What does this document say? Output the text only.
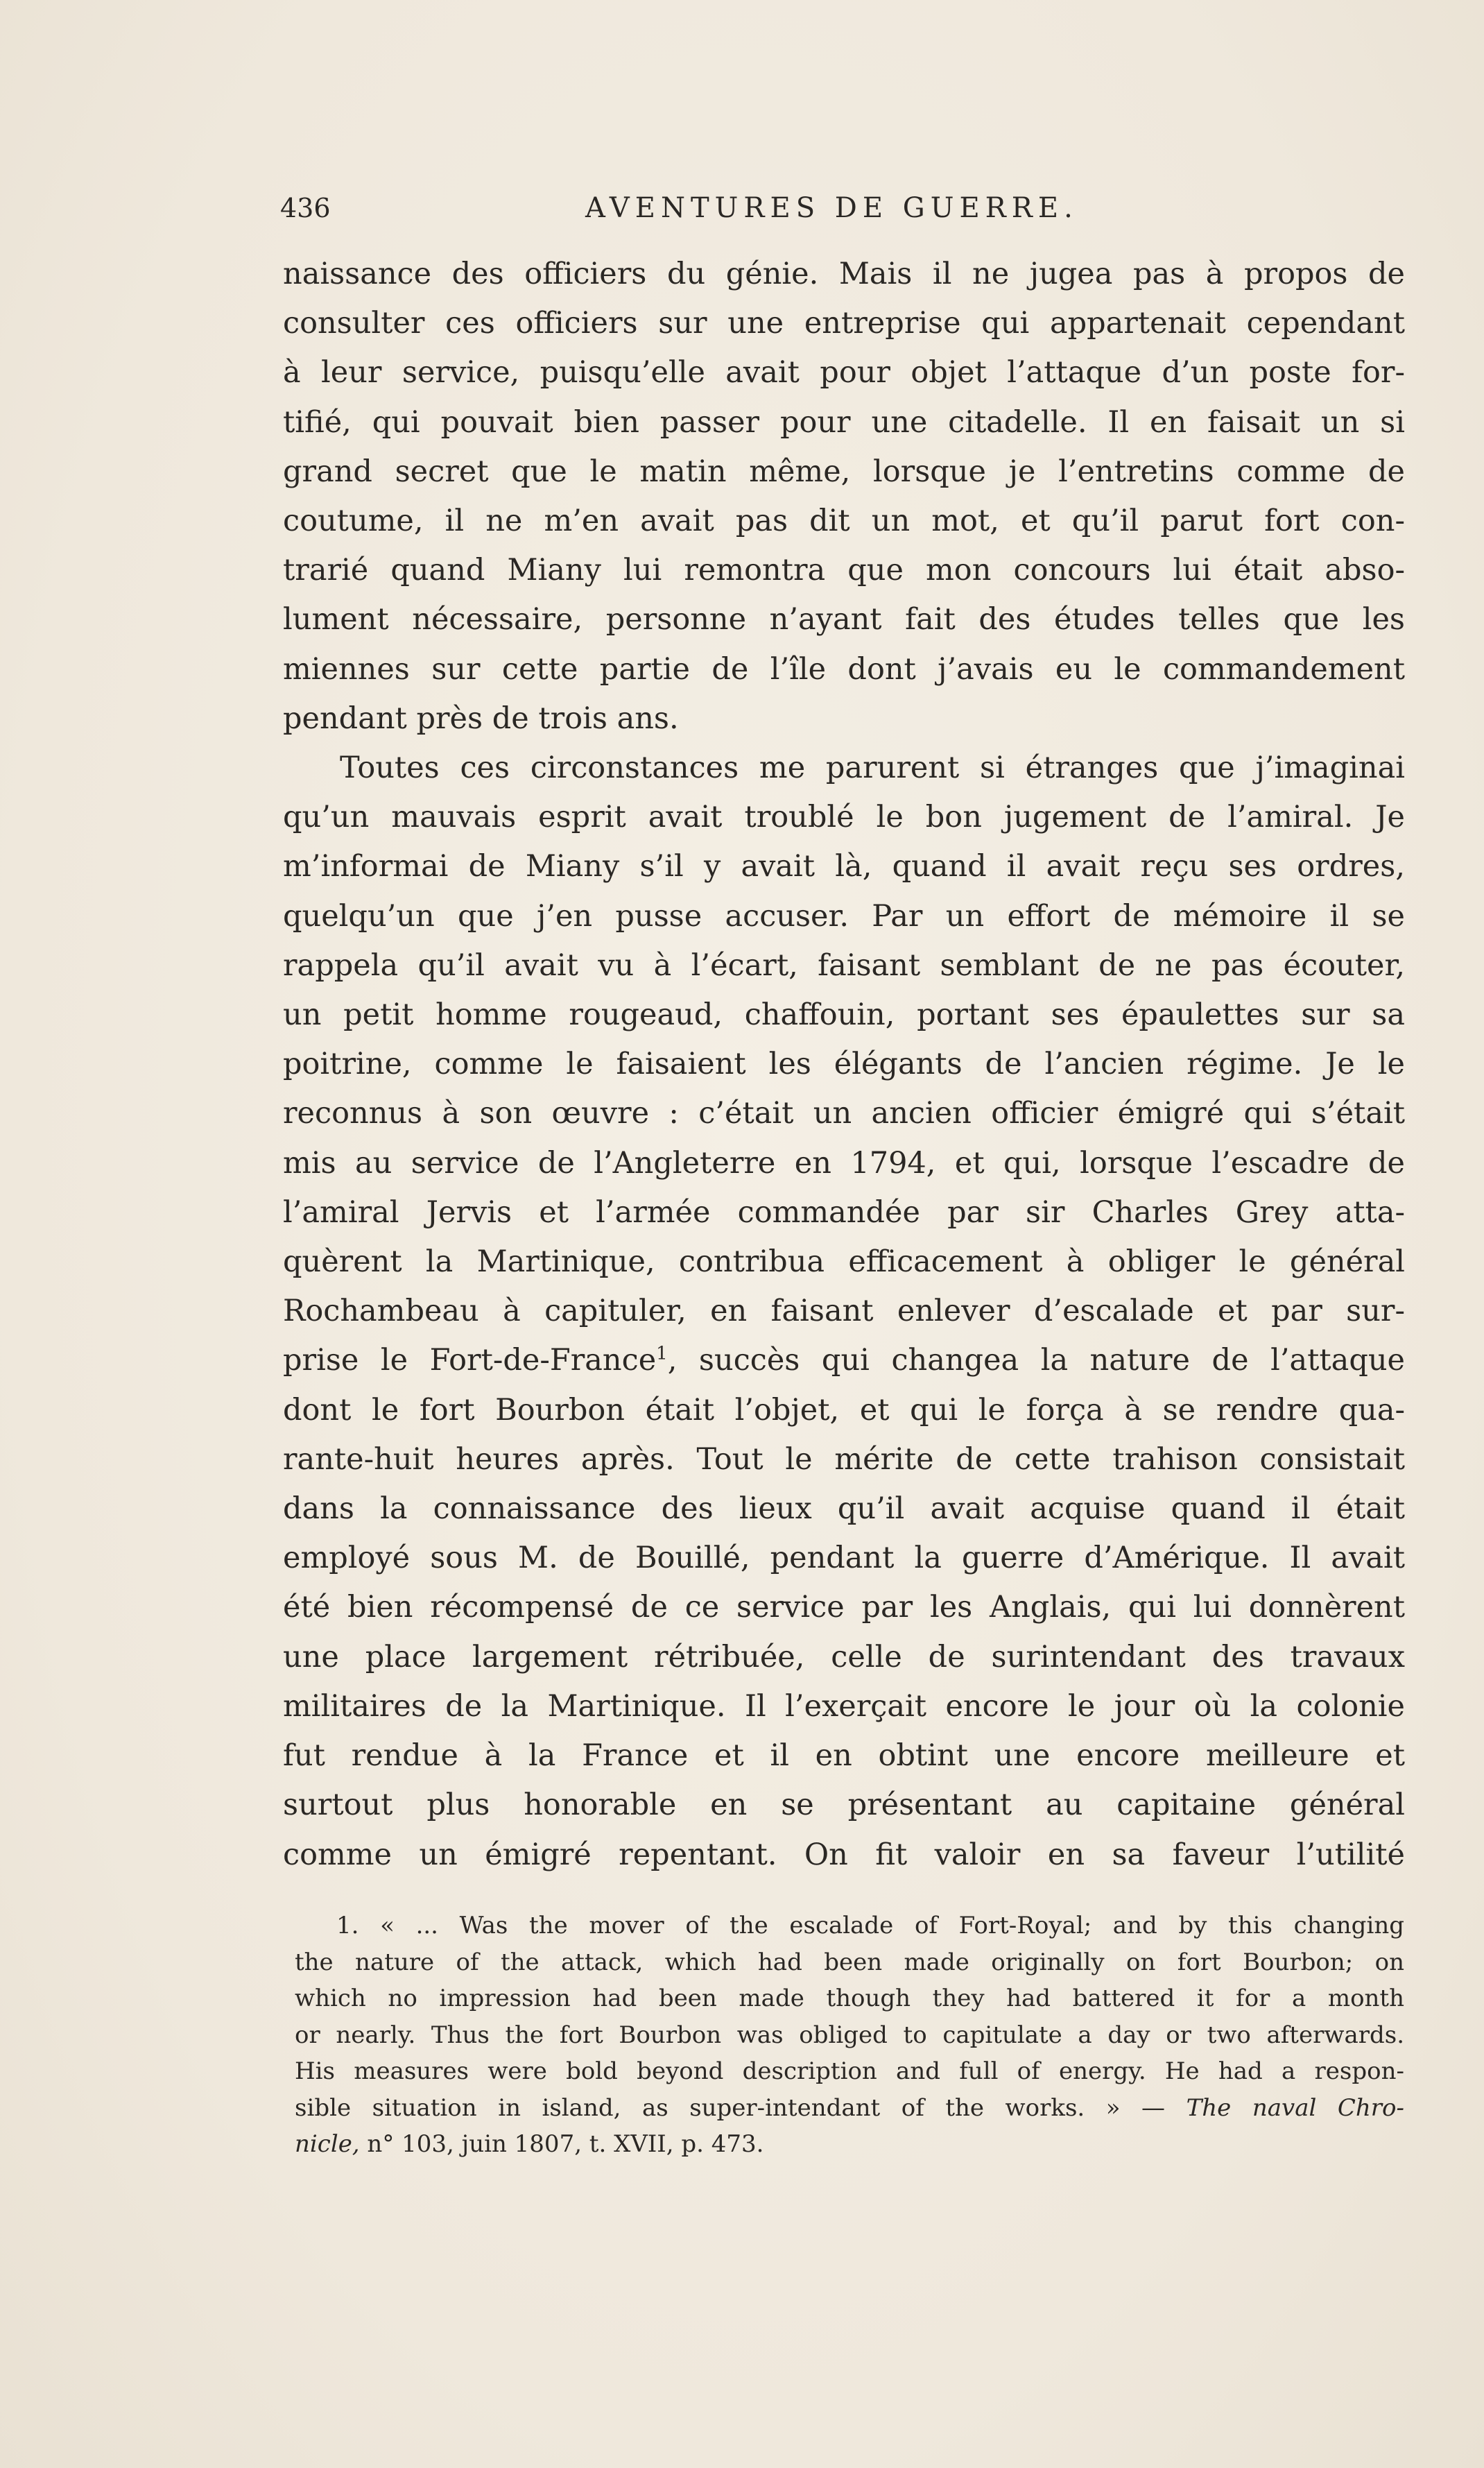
436	AVENTURES DE GUERRE.
naissance des officiers du génie. Mais il ne jugea pas à propos de
consulter ces officiers sur une entreprise qui appartenait cependant
à leur service, puisqu’elle avait pour objet l’attaque d’un poste for-
tifié, qui pouvait bien passer pour une citadelle. Il en faisait un si
grand secret que le matin même, lorsque je l’entretins comme de
coutume, il ne m’en avait pas dit un mot, et qu’il parut fort con-
trarié quand Miany lui remontra que mon concours lui était abso-
lument nécessaire, personne n’ayant fait des études telles que les
miennes sur cette partie de l’île dont j’avais eu le commandement
pendant près de trois ans.
Toutes ces circonstances me parurent si étranges que j’imaginai
qu’un mauvais esprit avait troublé le bon jugement de l’amiral. Je
m’informai de Miany s’il y avait là, quand il avait reçu ses ordres,
quelqu’un que j’en pusse accuser. Par un effort de mémoire il se
rappela qu’il avait vu à l’écart, faisant semblant de ne pas écouter,
un petit homme rougeaud, chaffouin, portant ses épaulettes sur sa
poitrine, comme le faisaient les élégants de l’ancien régime. Je le
reconnus à son œuvre : c’était un ancien officier émigré qui s’était
mis au service de l’Angleterre en 1794, et qui, lorsque l’escadre de
l’amiral Jervis et l’armée commandée par sir Charles Grey atta-
quèrent la Martinique, contribua efficacement à obliger le général
Rochambeau à capituler, en faisant enlever d’escalade et par sur-
prise le Fort-de-France$^1$, succès qui changea la nature de l’attaque
dont le fort Bourbon était l’objet, et qui le força à se rendre qua-
rante-huit heures après. Tout le mérite de cette trahison consistait
dans la connaissance des lieux qu’il avait acquise quand il était
employé sous M. de Bouillé, pendant la guerre d’Amérique. Il avait
été bien récompensé de ce service par les Anglais, qui lui donnèrent
une place largement rétribuée, celle de surintendant des travaux
militaires de la Martinique. Il l’exerçait encore le jour où la colonie
fut rendue à la France et il en obtint une encore meilleure et
surtout plus honorable en se présentant au capitaine général
comme un émigré repentant. On fit valoir en sa faveur l’utilité
1. « ... Was the mover of the escalade of Fort-Royal; and by this changing
the nature of the attack, which had been made originally on fort Bourbon; on
which no impression had been made though they had battered it for a month
or nearly. Thus the fort Bourbon was obliged to capitulate a day or two afterwards.
His measures were bold beyond description and full of energy. He had a respon-
sible situation in island, as super-intendant of the works. » — The naval Chro-
nicle, n° 103, juin 1807, t. XVII, p. 473.
